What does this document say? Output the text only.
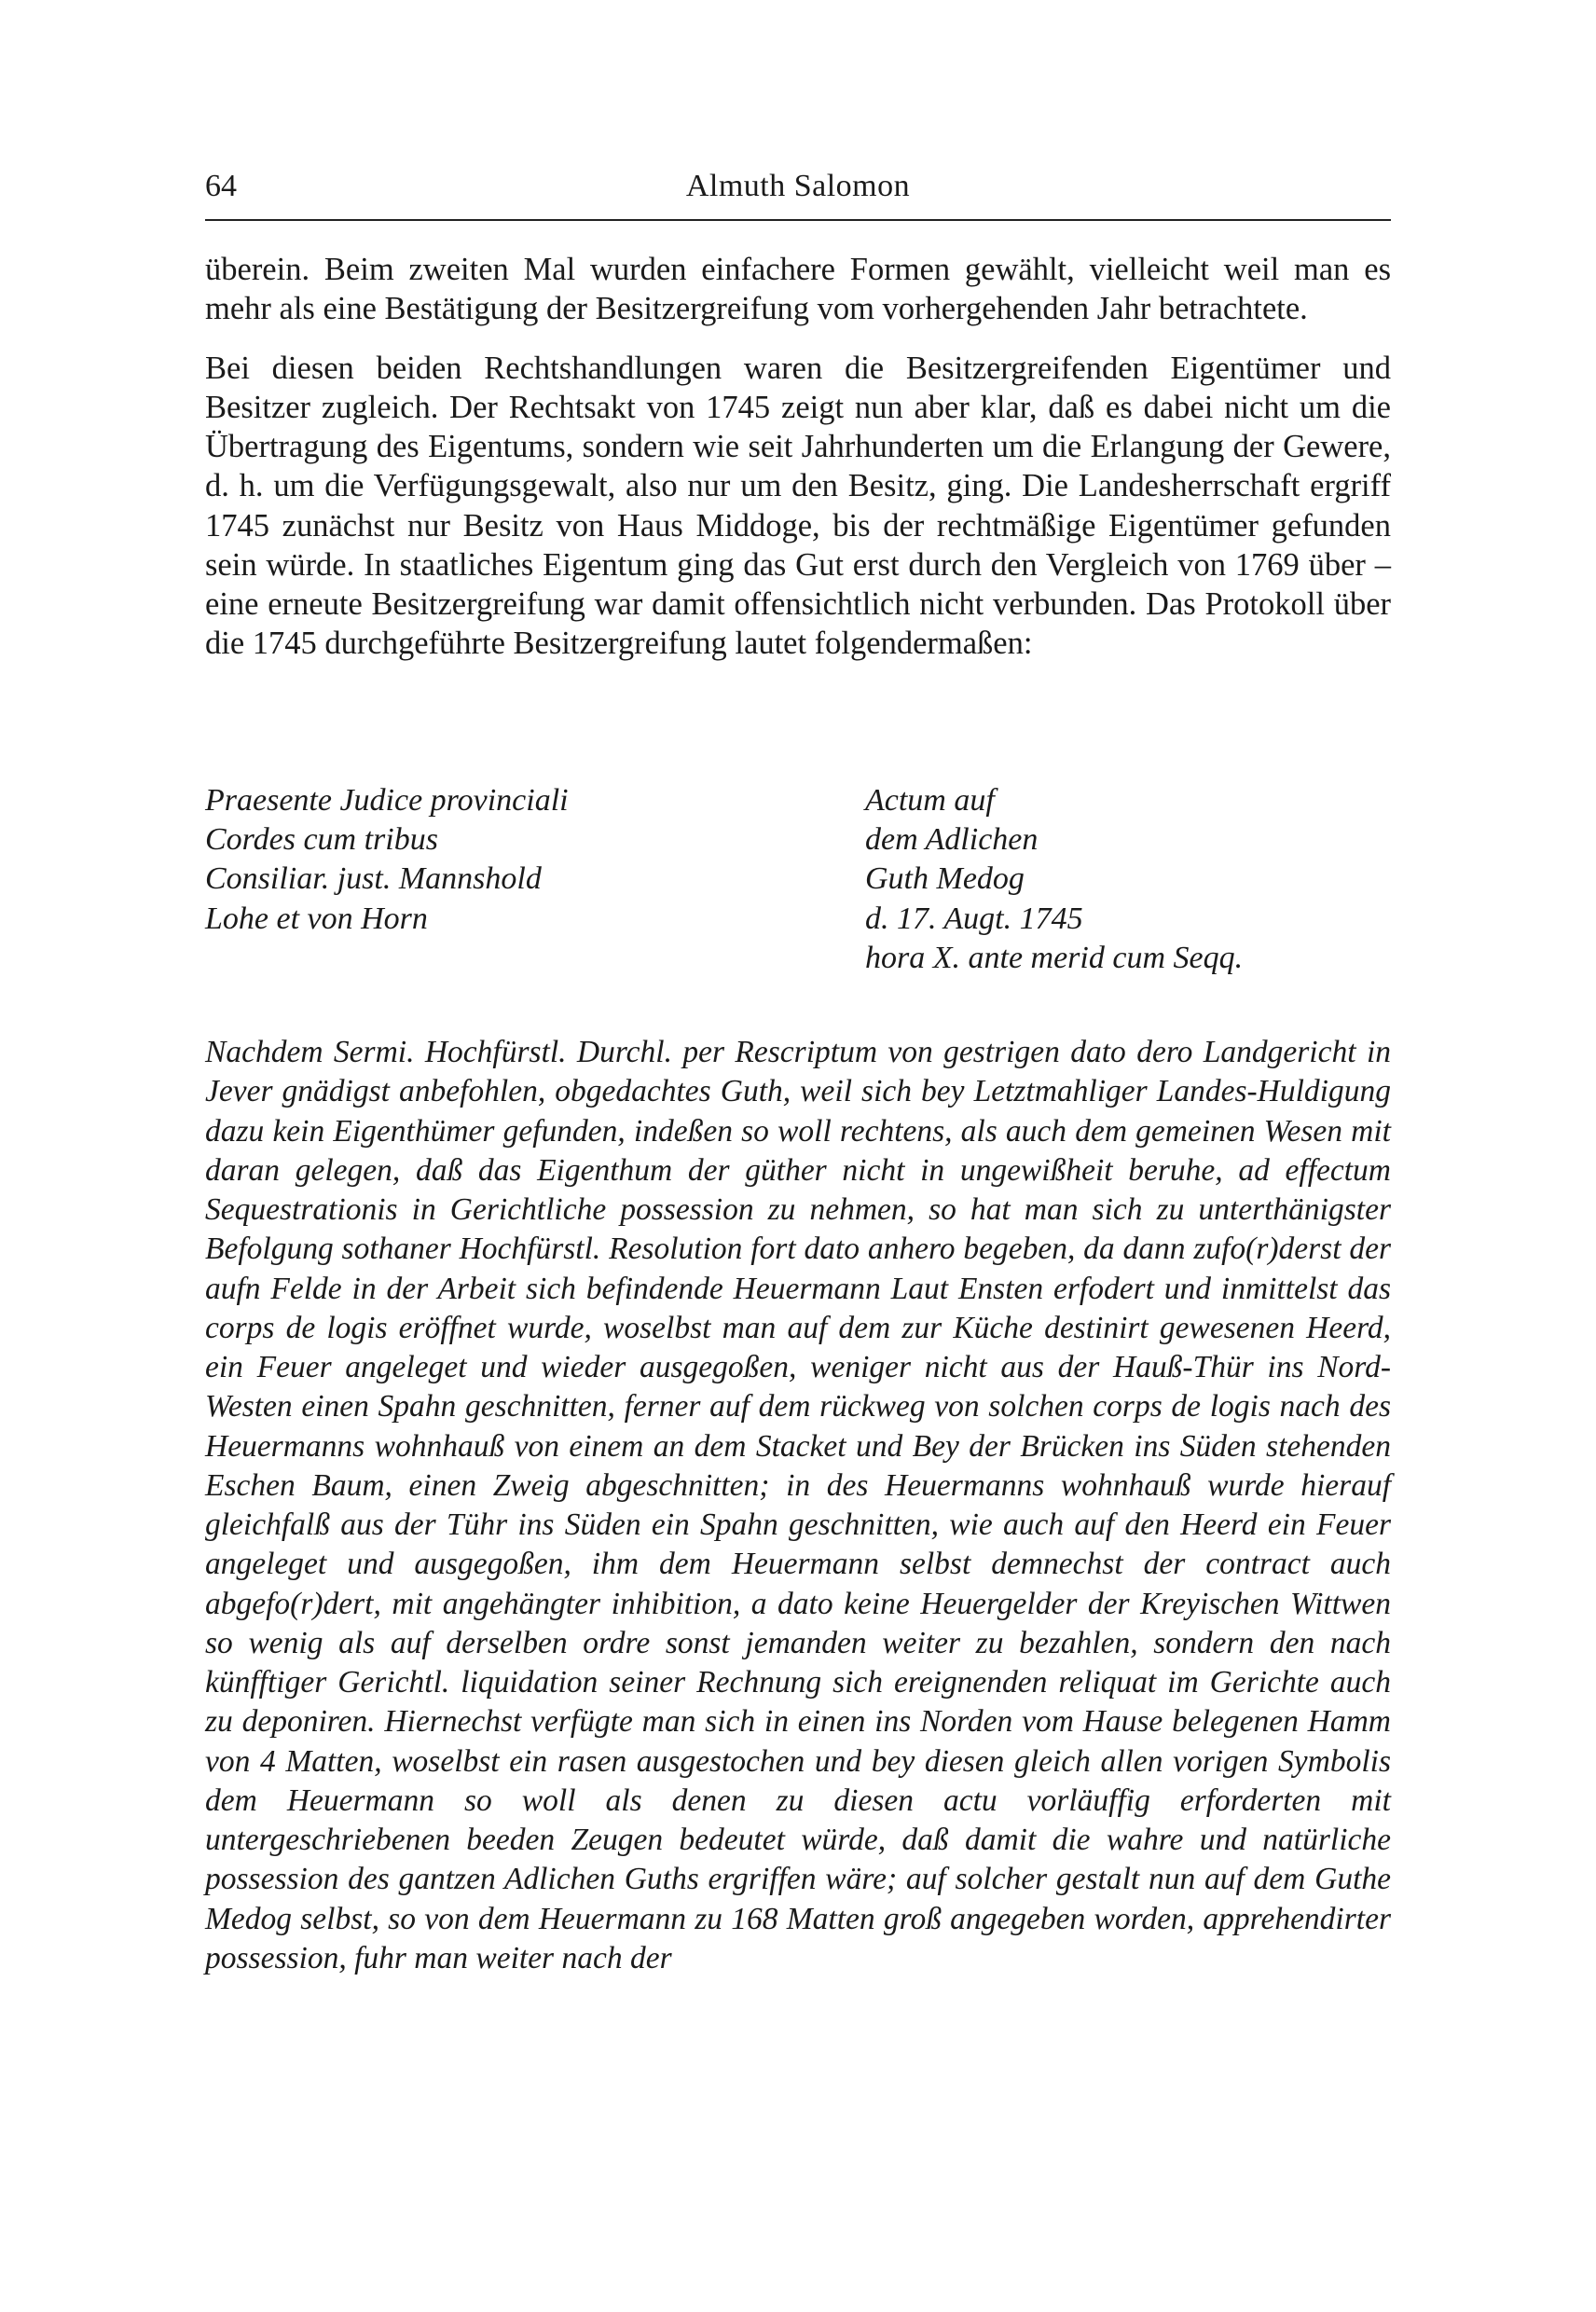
64	Almuth Salomon

überein. Beim zweiten Mal wurden einfachere Formen gewählt, vielleicht weil man es mehr als eine Bestätigung der Besitzergreifung vom vorhergehenden Jahr betrachtete.

Bei diesen beiden Rechtshandlungen waren die Besitzergreifenden Eigentümer und Besitzer zugleich. Der Rechtsakt von 1745 zeigt nun aber klar, daß es dabei nicht um die Übertragung des Eigentums, sondern wie seit Jahrhunderten um die Erlangung der Gewere, d. h. um die Verfügungsgewalt, also nur um den Besitz, ging. Die Landesherrschaft ergriff 1745 zunächst nur Besitz von Haus Middoge, bis der rechtmäßige Eigentümer gefunden sein würde. In staatliches Eigentum ging das Gut erst durch den Vergleich von 1769 über – eine erneute Besitzergreifung war damit offensichtlich nicht verbunden. Das Protokoll über die 1745 durchgeführte Besitzergreifung lautet folgendermaßen:

Praesente Judice provinciali
Cordes cum tribus
Consiliar. just. Mannshold
Lohe et von Horn
Actum auf
dem Adlichen
Guth Medog
d. 17. Augt. 1745
hora X. ante merid cum Seqq.

Nachdem Sermi. Hochfürstl. Durchl. per Rescriptum von gestrigen dato dero Landgericht in Jever gnädigst anbefohlen, obgedachtes Guth, weil sich bey Letztmahliger Landes-Huldigung dazu kein Eigenthümer gefunden, indeßen so woll rechtens, als auch dem gemeinen Wesen mit daran gelegen, daß das Eigenthum der güther nicht in ungewißheit beruhe, ad effectum Sequestrationis in Gerichtliche possession zu nehmen, so hat man sich zu unterthänigster Befolgung sothaner Hochfürstl. Resolution fort dato anhero begeben, da dann zufo(r)derst der aufn Felde in der Arbeit sich befindende Heuermann Laut Ensten erfodert und inmittelst das corps de logis eröffnet wurde, woselbst man auf dem zur Küche destinirt gewesenen Heerd, ein Feuer angeleget und wieder ausgegoßen, weniger nicht aus der Hauß-Thür ins Nord-Westen einen Spahn geschnitten, ferner auf dem rückweg von solchen corps de logis nach des Heuermanns wohnhauß von einem an dem Stacket und Bey der Brücken ins Süden stehenden Eschen Baum, einen Zweig abgeschnitten; in des Heuermanns wohnhauß wurde hierauf gleichfalß aus der Tühr ins Süden ein Spahn geschnitten, wie auch auf den Heerd ein Feuer angeleget und ausgegoßen, ihm dem Heuermann selbst demnechst der contract auch abgefo(r)dert, mit angehängter inhibition, a dato keine Heuergelder der Kreyischen Wittwen so wenig als auf derselben ordre sonst jemanden weiter zu bezahlen, sondern den nach künfftiger Gerichtl. liquidation seiner Rechnung sich ereignenden reliquat im Gerichte auch zu deponiren. Hiernechst verfügte man sich in einen ins Norden vom Hause belegenen Hamm von 4 Matten, woselbst ein rasen ausgestochen und bey diesen gleich allen vorigen Symbolis dem Heuermann so woll als denen zu diesen actu vorläuffig erforderten mit untergeschriebenen beeden Zeugen bedeutet würde, daß damit die wahre und natürliche possession des gantzen Adlichen Guths ergriffen wäre; auf solcher gestalt nun auf dem Guthe Medog selbst, so von dem Heuermann zu 168 Matten groß angegeben worden, apprehendirter possession, fuhr man weiter nach der
